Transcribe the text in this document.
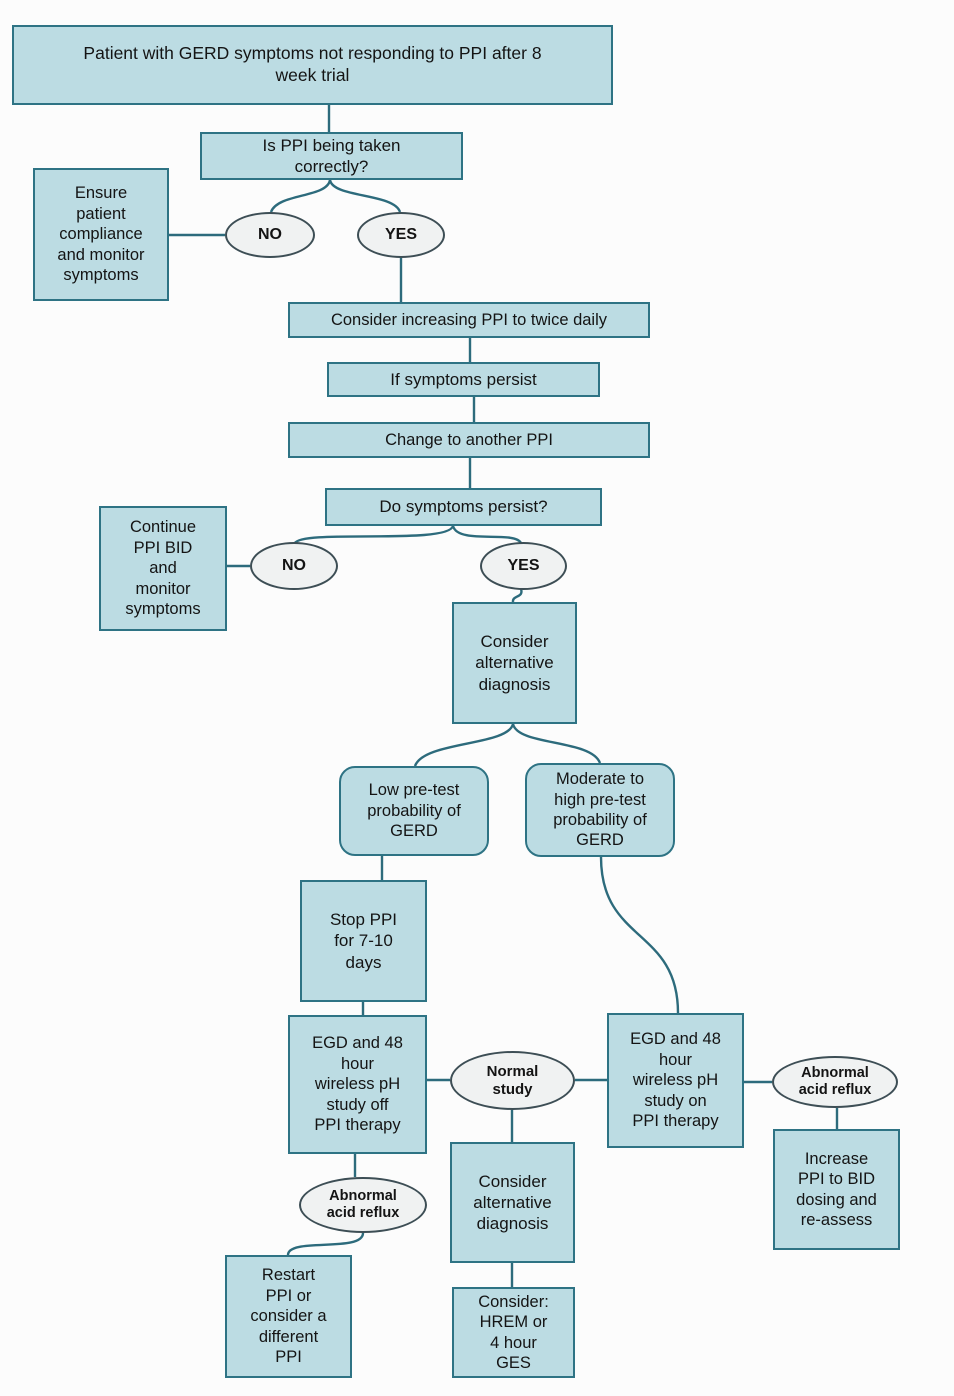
Patient with GERD symptoms not responding to PPI after 8
week trial
Is PPI being taken
correctly?
Ensure
patient
compliance
and monitor
symptoms
NO	YES
Consider increasing PPI to twice daily
If symptoms persist
Change to another PPI
Do symptoms persist?
Continue
PPI BID
and
monitor
symptoms
NO	YES
Consider
alternative
diagnosis
Low pre-test
probability of
GERD
Moderate to
high pre-test
probability of
GERD
Stop PPI
for 7-10
days
EGD and 48
hour
wireless pH
study off
PPI therapy
Normal
study
EGD and 48
hour
wireless pH
study on
PPI therapy
Abnormal
acid reflux
Increase
PPI to BID
dosing and
re-assess
Consider
alternative
diagnosis
Abnormal
acid reflux
Restart
PPI or
consider a
different
PPI
Consider:
HREM or
4 hour
GES
